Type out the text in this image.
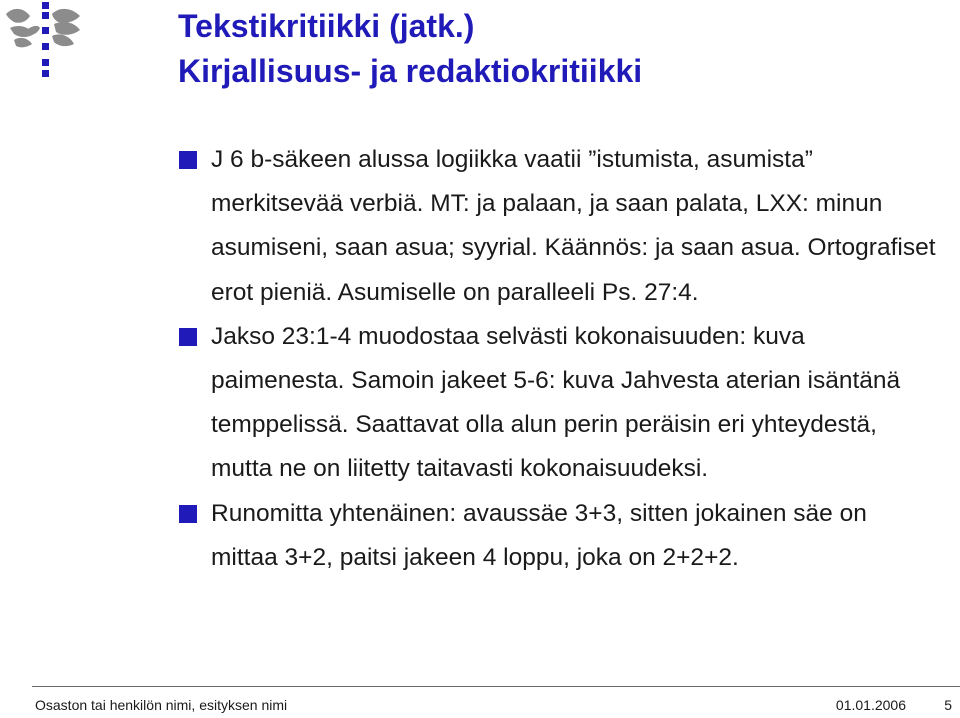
Tekstikritiikki (jatk.)
Kirjallisuus- ja redaktiokritiikki
J 6 b-säkeen alussa logiikka vaatii ”istumista, asumista” merkitsevää verbiä. MT: ja palaan, ja saan palata, LXX: minun asumiseni, saan asua; syyrial. Käännös: ja saan asua. Ortografiset erot pieniä. Asumiselle on paralleeli Ps. 27:4.
Jakso 23:1-4 muodostaa selvästi kokonaisuuden: kuva paimenesta. Samoin jakeet 5-6: kuva Jahvesta aterian isäntänä temppelissä. Saattavat olla alun perin peräisin eri yhteydestä, mutta ne on liitetty taitavasti kokonaisuudeksi.
Runomitta yhtenäinen: avaussäe 3+3, sitten jokainen säe on mittaa 3+2, paitsi jakeen 4 loppu, joka on 2+2+2.
Osaston tai henkilön nimi, esityksen nimi	01.01.2006	5
